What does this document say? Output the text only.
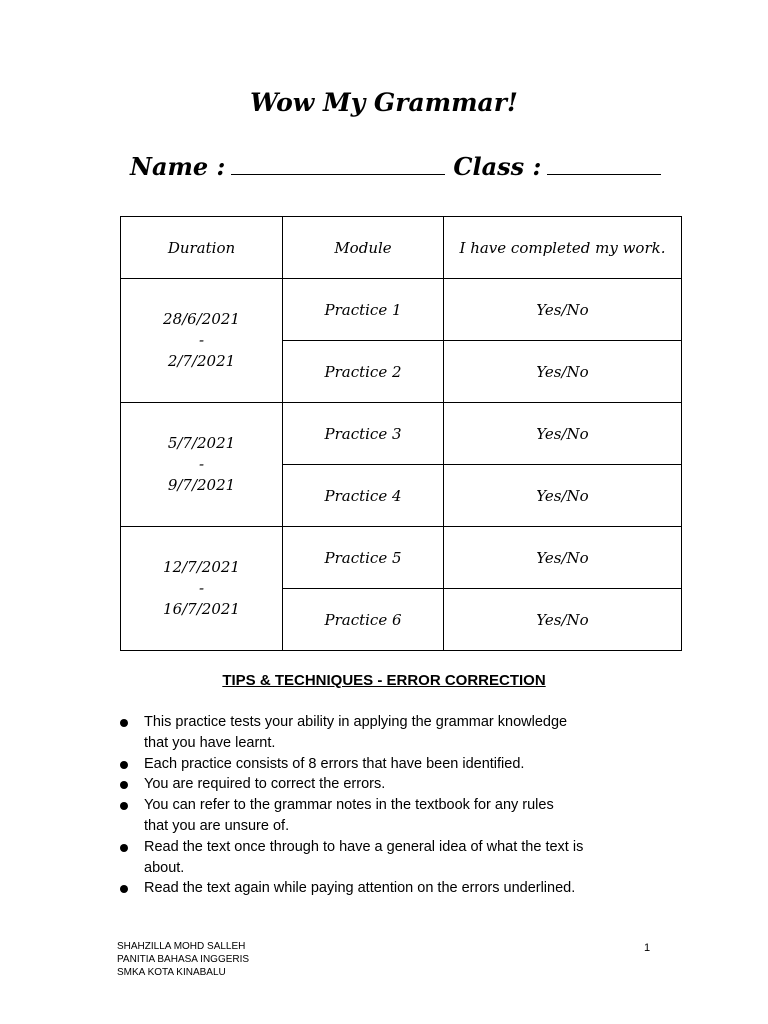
Wow My Grammar!
Name :	Class :
Duration	Module	I have completed my work.

28/6/2021
-
2/7/2021	Practice 1	Yes/No
	Practice 2	Yes/No

5/7/2021
-
9/7/2021	Practice 3	Yes/No
	Practice 4	Yes/No

12/7/2021
-
16/7/2021	Practice 5	Yes/No
	Practice 6	Yes/No
TIPS & TECHNIQUES - ERROR CORRECTION
This practice tests your ability in applying the grammar knowledge
that you have learnt.
Each practice consists of 8 errors that have been identified.
You are required to correct the errors.
You can refer to the grammar notes in the textbook for any rules
that you are unsure of.
Read the text once through to have a general idea of what the text is
about.
Read the text again while paying attention on the errors underlined.
SHAHZILLA MOHD SALLEH
PANITIA BAHASA INGGERIS
SMKA KOTA KINABALU
1
